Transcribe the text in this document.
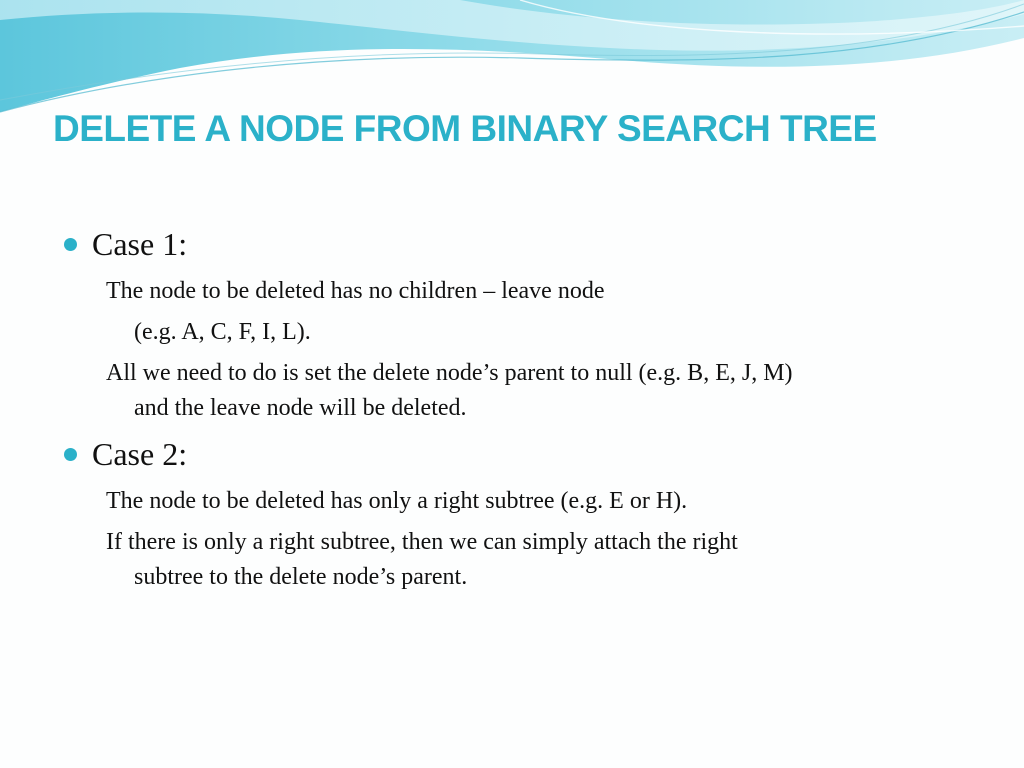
DELETE A NODE FROM BINARY SEARCH TREE
Case 1:
The node to be deleted has no children – leave node
(e.g. A, C, F, I, L).
All we need to do is set the delete node’s parent to null (e.g. B, E, J, M)
and the leave node will be deleted.
Case 2:
The node to be deleted has only a right subtree (e.g. E or H).
If there is only a right subtree, then we can simply attach the right
subtree to the delete node’s parent.
